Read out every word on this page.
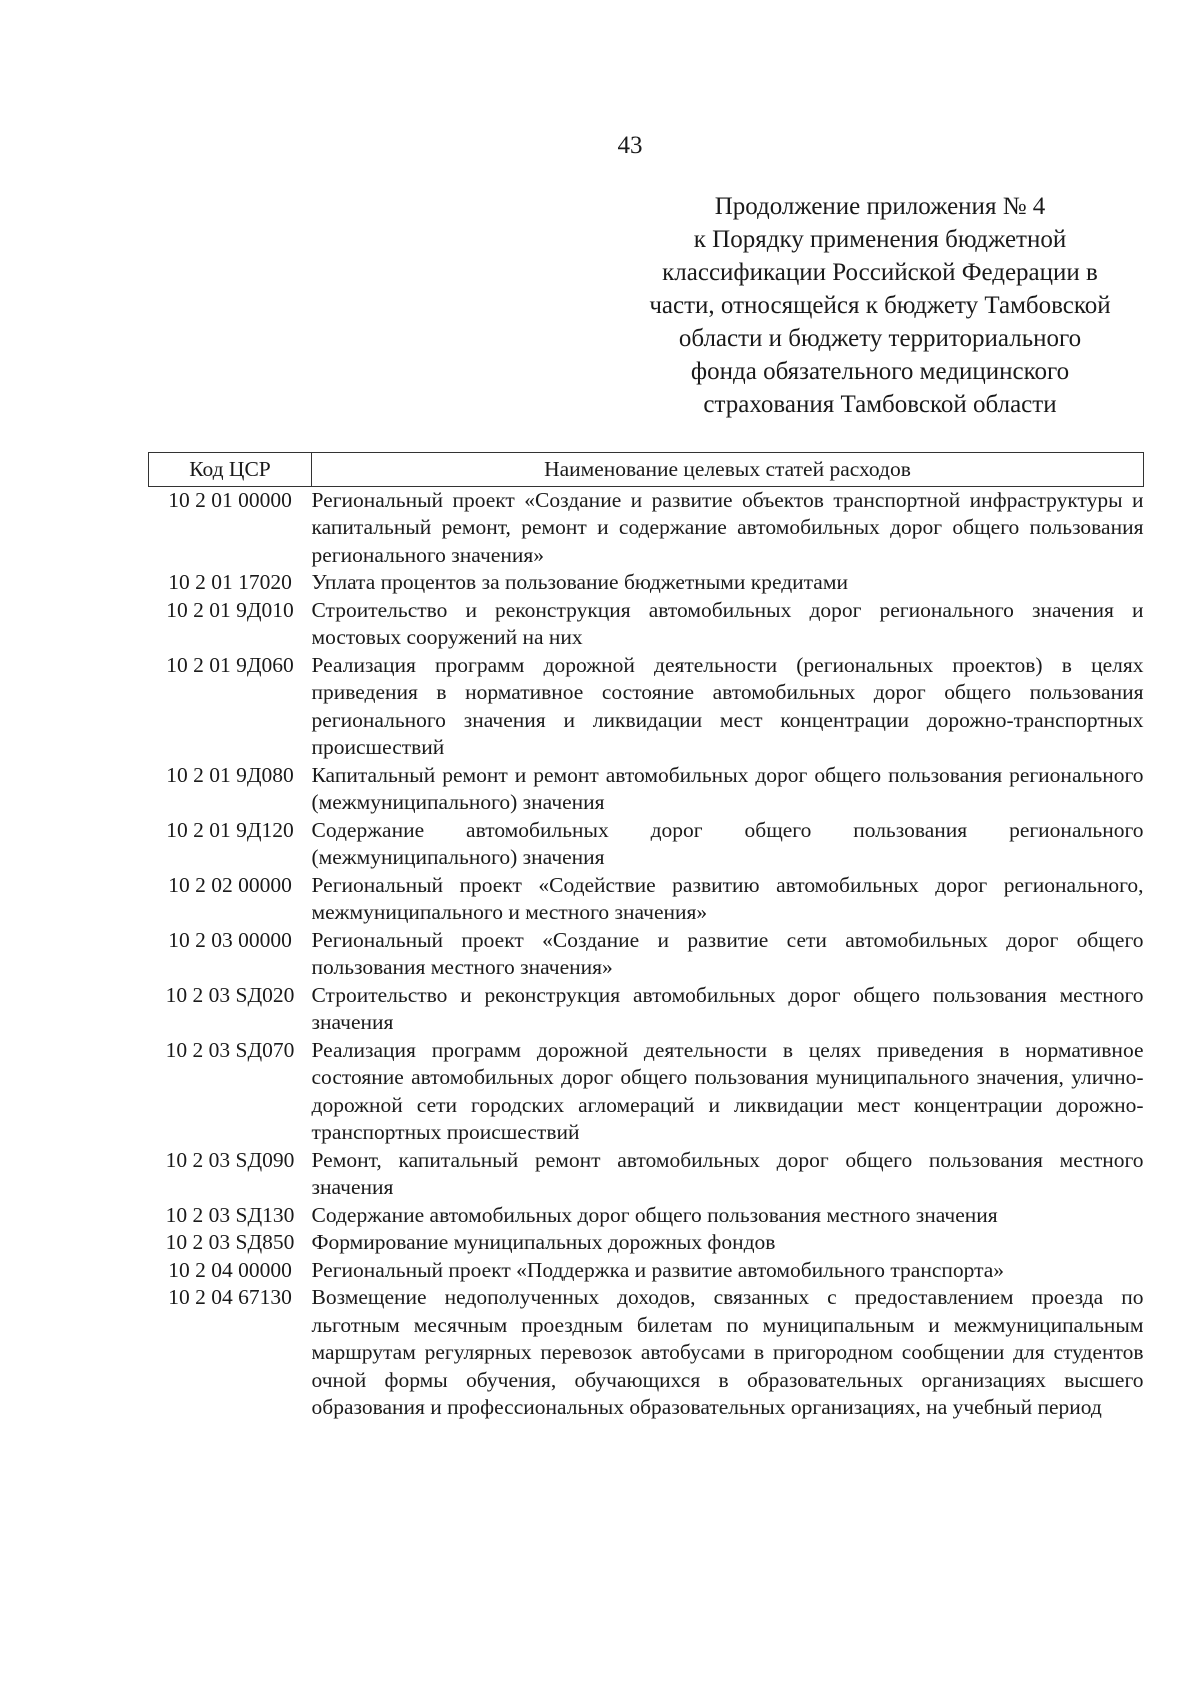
43
Продолжение приложения № 4
к Порядку применения бюджетной
классификации Российской Федерации в
части, относящейся к бюджету Тамбовской
области и бюджету территориального
фонда обязательного медицинского
страхования Тамбовской области
Код ЦСР	Наименование целевых статей расходов
10 2 01 00000	Региональный проект «Создание и развитие объектов транспортной инфраструктуры и капитальный ремонт, ремонт и содержание автомобильных дорог общего пользования регионального значения»
10 2 01 17020	Уплата процентов за пользование бюджетными кредитами
10 2 01 9Д010	Строительство и реконструкция автомобильных дорог регионального значения и мостовых сооружений на них
10 2 01 9Д060	Реализация программ дорожной деятельности (региональных проектов) в целях приведения в нормативное состояние автомобильных дорог общего пользования регионального значения и ликвидации мест концентрации дорожно-транспортных происшествий
10 2 01 9Д080	Капитальный ремонт и ремонт автомобильных дорог общего пользования регионального (межмуниципального) значения
10 2 01 9Д120	Содержание автомобильных дорог общего пользования регионального (межмуниципального) значения
10 2 02 00000	Региональный проект «Содействие развитию автомобильных дорог регионального, межмуниципального и местного значения»
10 2 03 00000	Региональный проект «Создание и развитие сети автомобильных дорог общего пользования местного значения»
10 2 03 SД020	Строительство и реконструкция автомобильных дорог общего пользования местного значения
10 2 03 SД070	Реализация программ дорожной деятельности в целях приведения в нормативное состояние автомобильных дорог общего пользования муниципального значения, улично-дорожной сети городских агломераций и ликвидации мест концентрации дорожно-транспортных происшествий
10 2 03 SД090	Ремонт, капитальный ремонт автомобильных дорог общего пользования местного значения
10 2 03 SД130	Содержание автомобильных дорог общего пользования местного значения
10 2 03 SД850	Формирование муниципальных дорожных фондов
10 2 04 00000	Региональный проект «Поддержка и развитие автомобильного транспорта»
10 2 04 67130	Возмещение недополученных доходов, связанных с предоставлением проезда по льготным месячным проездным билетам по муниципальным и межмуниципальным маршрутам регулярных перевозок автобусами в пригородном сообщении для студентов очной формы обучения, обучающихся в образовательных организациях высшего образования и профессиональных образовательных организациях, на учебный период
